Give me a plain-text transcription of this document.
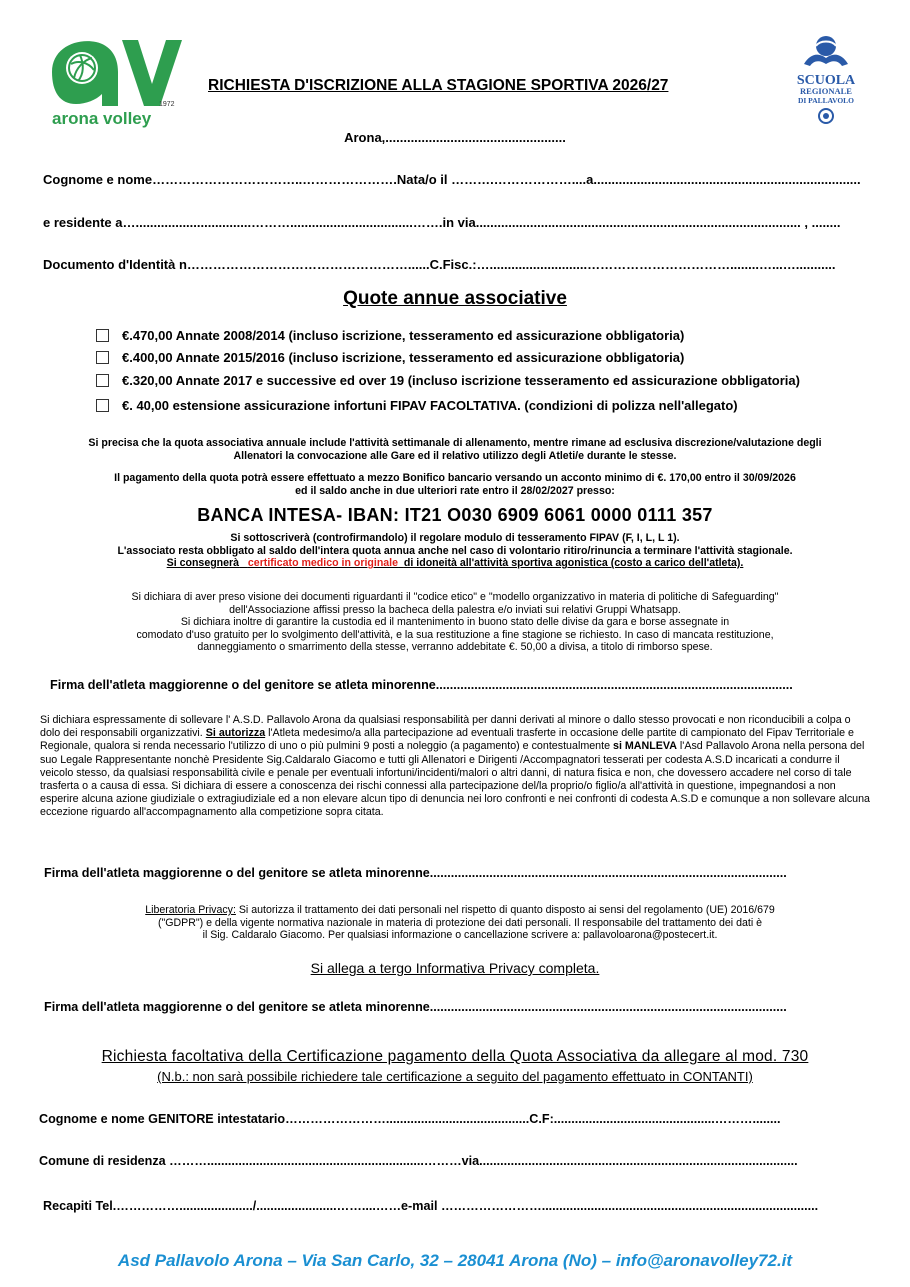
1972
arona volley
SCUOLA
REGIONALE
DI PALLAVOLO
RICHIESTA D'ISCRIZIONE ALLA STAGIONE SPORTIVA 2026/27
Arona,..................................................
Cognome e nome……………………………..………………….Nata/o il ……….………………....a..........................................................................
e residente a…................................………..................................…….in via.......................................................................................... , ........
Documento d'Identità n……………………………………………......C.Fisc.:…...........................……………………………........…...…...........
Quote annue associative
€.470,00 Annate 2008/2014 (incluso iscrizione, tesseramento ed assicurazione obbligatoria)
€.400,00 Annate 2015/2016 (incluso iscrizione, tesseramento ed assicurazione obbligatoria)
€.320,00 Annate 2017 e successive ed over 19 (incluso iscrizione tesseramento ed assicurazione obbligatoria)
€. 40,00 estensione assicurazione infortuni FIPAV FACOLTATIVA. (condizioni di polizza nell'allegato)
Si precisa che la quota associativa annuale include l'attività settimanale di allenamento, mentre rimane ad esclusiva discrezione/valutazione degli
Allenatori la convocazione alle Gare ed il relativo utilizzo degli Atleti/e durante le stesse.
Il pagamento della quota potrà essere effettuato a mezzo Bonifico bancario versando un acconto minimo di €. 170,00 entro il 30/09/2026
ed il saldo anche in due ulteriori rate entro il 28/02/2027 presso:
BANCA INTESA- IBAN: IT21 O030 6909 6061 0000 0111 357
Si sottoscriverà (controfirmandolo) il regolare modulo di tesseramento FIPAV (F, I, L, L 1).
L'associato resta obbligato al saldo dell'intera quota annua anche nel caso di volontario ritiro/rinuncia a terminare l'attività stagionale.
Si consegnerà certificato medico in originale di idoneità all'attività sportiva agonistica (costo a carico dell'atleta).
Si dichiara di aver preso visione dei documenti riguardanti il "codice etico" e "modello organizzativo in materia di politiche di Safeguarding"
dell'Associazione affissi presso la bacheca della palestra e/o inviati sui relativi Gruppi Whatsapp.
Si dichiara inoltre di garantire la custodia ed il mantenimento in buono stato delle divise da gara e borse assegnate in
comodato d'uso gratuito per lo svolgimento dell'attività, e la sua restituzione a fine stagione se richiesto. In caso di mancata restituzione,
danneggiamento o smarrimento della stesse, verranno addebitate €. 50,00 a divisa, a titolo di rimborso spese.
Firma dell'atleta maggiorenne o del genitore se atleta minorenne......................................................................................................
Si dichiara espressamente di sollevare l' A.S.D. Pallavolo Arona da qualsiasi responsabilità per danni derivati al minore o dallo stesso provocati e non riconducibili a colpa o dolo dei responsabili organizzativi. Si autorizza l'Atleta medesimo/a alla partecipazione ad eventuali trasferte in occasione delle partite di campionato del Fipav Territoriale e Regionale, qualora si renda necessario l'utilizzo di uno o più pulmini 9 posti a noleggio (a pagamento) e contestualmente si MANLEVA l'Asd Pallavolo Arona nella persona del suo Legale Rappresentante nonchè Presidente Sig.Caldaralo Giacomo e tutti gli Allenatori e Dirigenti /Accompagnatori tesserati per codesta A.S.D incaricati a condurre il veicolo stesso, da qualsiasi responsabilità civile e penale per eventuali infortuni/incidenti/malori o altri danni, di natura fisica e non, che dovessero accadere nel corso di tale trasferta o a causa di essa. Si dichiara di essere a conoscenza dei rischi connessi alla partecipazione del/la proprio/o figlio/a all'attività in questione, impegnandosi a non esperire alcuna azione giudiziale o extragiudiziale ed a non elevare alcun tipo di denuncia nei loro confronti e nei confronti di codesta A.S.D e comunque a non sollevare alcuna eccezione riguardo all'accompagnamento alla competizione sopra citata.
Firma dell'atleta maggiorenne o del genitore se atleta minorenne......................................................................................................
Liberatoria Privacy: Si autorizza il trattamento dei dati personali nel rispetto di quanto disposto ai sensi del regolamento (UE) 2016/679
("GDPR") e della vigente normativa nazionale in materia di protezione dei dati personali. Il responsabile del trattamento dei dati è
il Sig. Caldaralo Giacomo. Per qualsiasi informazione o cancellazione scrivere a: pallavoloarona@postecert.it.
Si allega a tergo Informativa Privacy completa.
Firma dell'atleta maggiorenne o del genitore se atleta minorenne......................................................................................................
Richiesta facoltativa della Certificazione pagamento della Quota Associativa da allegare al mod. 730
(N.b.: non sarà possibile richiedere tale certificazione a seguito del pagamento effettuato in CONTANTI)
Cognome e nome GENITORE intestatario…………………….........................................C.F:..............................................………........
Comune di residenza ………..............................................................………via...........................................................................................
Recapiti Tel.……………...................../.......................……....……e-mail ……………………...............................................................................
Asd Pallavolo Arona – Via San Carlo, 32 – 28041 Arona (No) – info@aronavolley72.it
